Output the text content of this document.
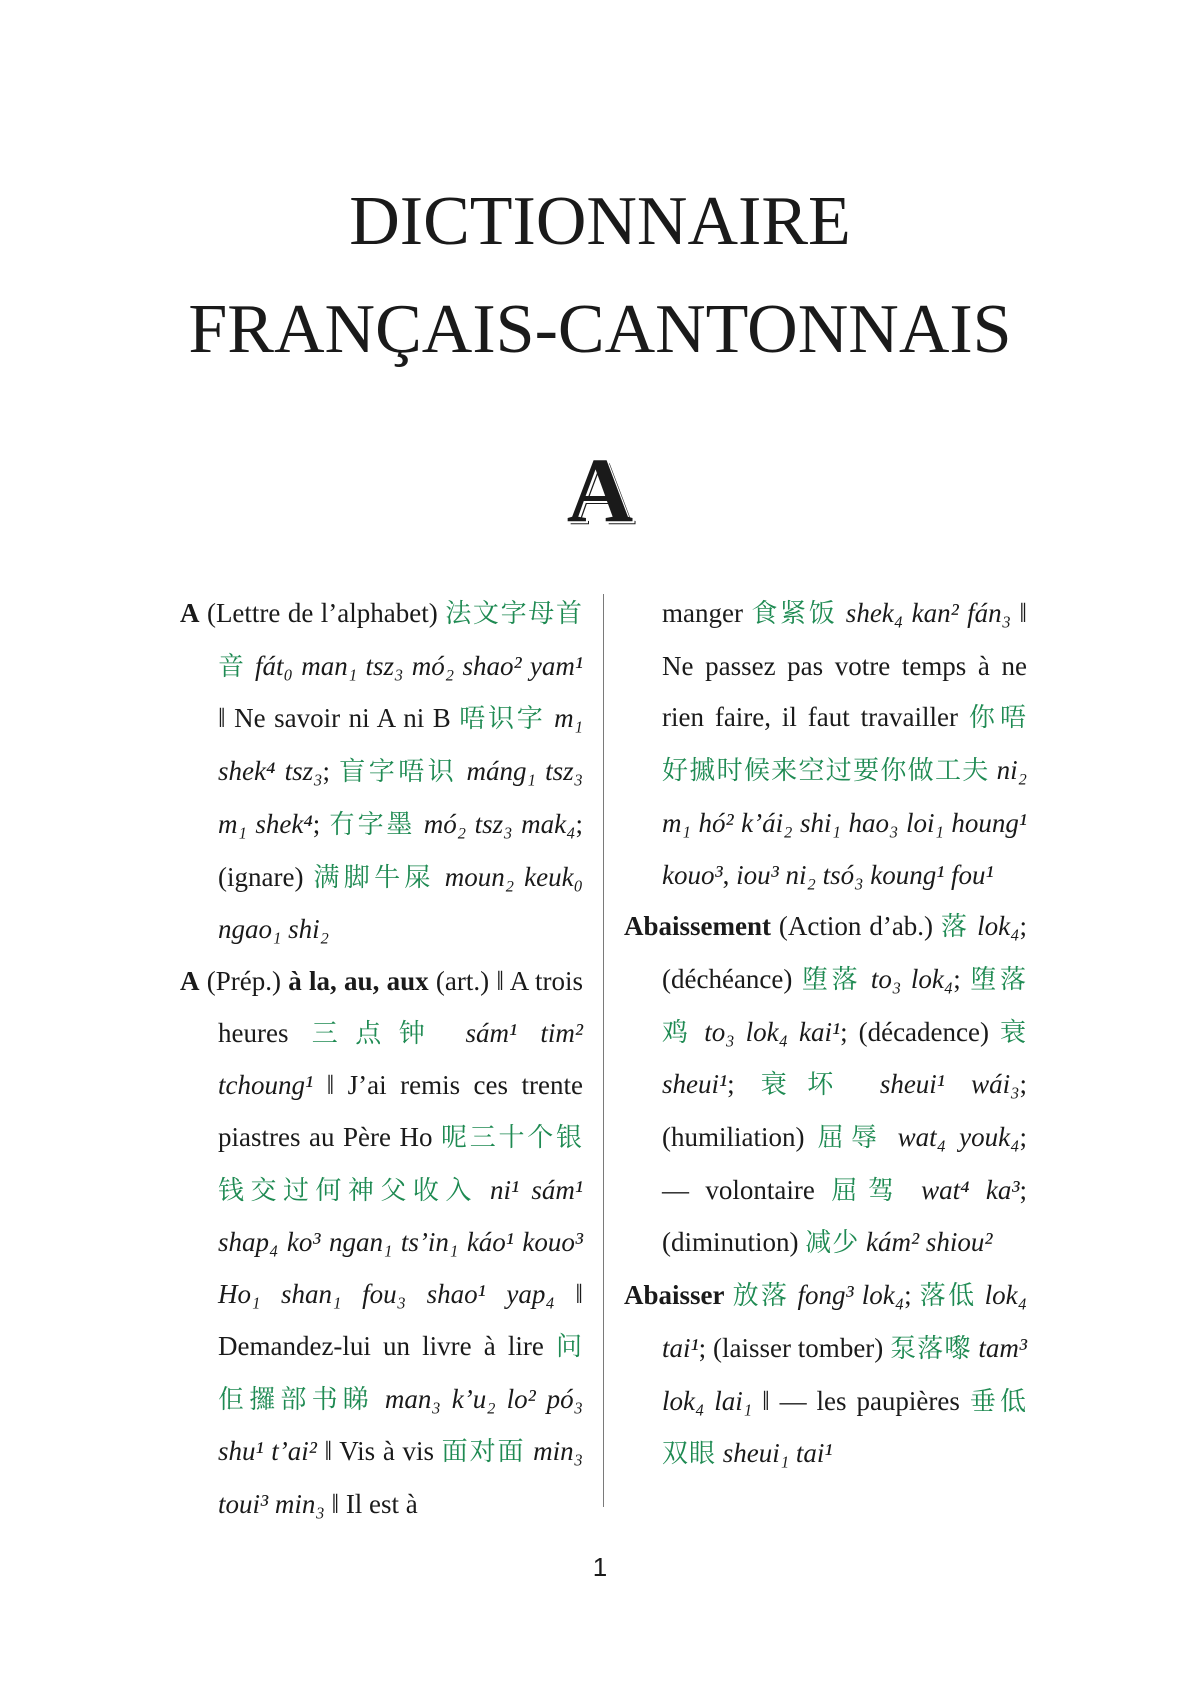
DICTIONNAIRE
FRANÇAIS-CANTONNAIS
A

A (Lettre de l’alphabet) 法文字母首音 fát₀ man₁ tsz₃ mó₂ shao² yam¹ ‖ Ne savoir ni A ni B 唔识字 m₁ shek⁴ tsz₃; 盲字唔识 máng₁ tsz₃ m₁ shek⁴; 冇字墨 mó₂ tsz₃ mak₄; (ignare) 满脚牛屎 moun₂ keuk₀ ngao₁ shi₂

A (Prép.) à la, au, aux (art.) ‖ A trois heures 三点钟 sám¹ tim² tchoung¹ ‖ J’ai remis ces trente piastres au Père Ho 呢三十个银钱交过何神父收入 ni¹ sám¹ shap₄ ko³ ngan₁ ts’in₁ káo¹ kouo³ Ho₁ shan₁ fou₃ shao¹ yap₄ ‖ Demandez-lui un livre à lire 问佢攞部书睇 man₃ k’u₂ lo² pó₃ shu¹ t’ai² ‖ Vis à vis 面对面 min₃ toui³ min₃ ‖ Il est à

manger 食紧饭 shek₄ kan² fán₃ ‖ Ne passez pas votre temps à ne rien faire, il faut travailler 你唔好摵时候来空过要你做工夫 ni₂ m₁ hó² k’ái₂ shi₁ hao₃ loi₁ houng¹ kouo³, iou³ ni₂ tsó₃ koung¹ fou¹

Abaissement (Action d’ab.) 落 lok₄; (déchéance) 堕落 to₃ lok₄; 堕落鸡 to₃ lok₄ kai¹; (décadence) 衰 sheui¹; 衰坏 sheui¹ wái₃; (humiliation) 屈辱 wat₄ youk₄; — volontaire 屈驾 wat⁴ ka³; (diminution) 减少 kám² shiou²

Abaisser 放落 fong³ lok₄; 落低 lok₄ tai¹; (laisser tomber) 泵落嚟 tam³ lok₄ lai₁ ‖ — les paupières 垂低双眼 sheui₁ tai¹

1
